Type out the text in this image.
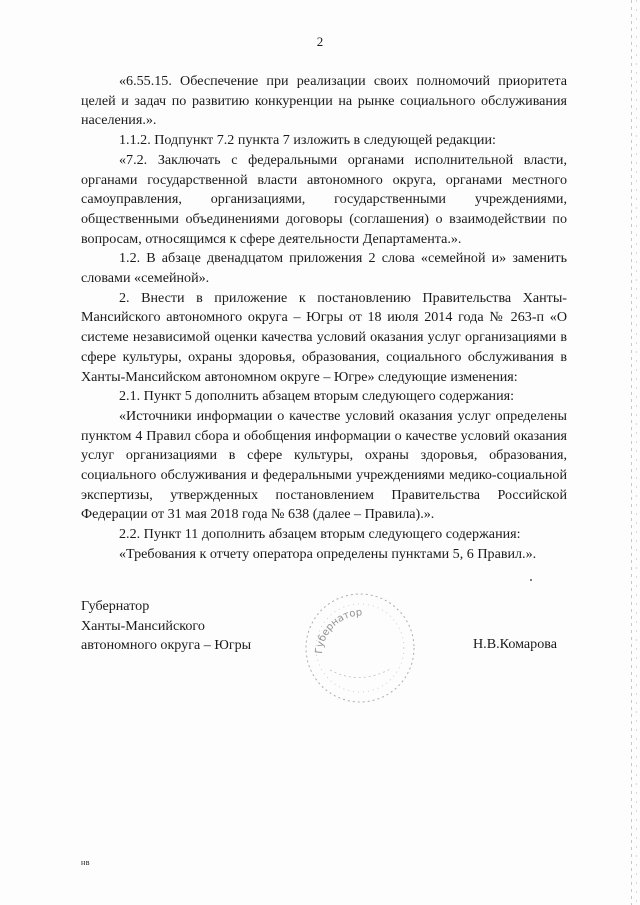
2

«6.55.15. Обеспечение при реализации своих полномочий приоритета целей и задач по развитию конкуренции на рынке социального обслуживания населения.».

1.1.2. Подпункт 7.2 пункта 7 изложить в следующей редакции:

«7.2. Заключать с федеральными органами исполнительной власти, органами государственной власти автономного округа, органами местного самоуправления, организациями, государственными учреждениями, общественными объединениями договоры (соглашения) о взаимодействии по вопросам, относящимся к сфере деятельности Департамента.».

1.2. В абзаце двенадцатом приложения 2 слова «семейной и» заменить словами «семейной».

2. Внести в приложение к постановлению Правительства Ханты-Мансийского автономного округа – Югры от 18 июля 2014 года № 263-п «О системе независимой оценки качества условий оказания услуг организациями в сфере культуры, охраны здоровья, образования, социального обслуживания в Ханты-Мансийском автономном округе – Югре» следующие изменения:

2.1. Пункт 5 дополнить абзацем вторым следующего содержания:

«Источники информации о качестве условий оказания услуг определены пунктом 4 Правил сбора и обобщения информации о качестве условий оказания услуг организациями в сфере культуры, охраны здоровья, образования, социального обслуживания и федеральными учреждениями медико-социальной экспертизы, утвержденных постановлением Правительства Российской Федерации от 31 мая 2018 года № 638 (далее – Правила).».

2.2. Пункт 11 дополнить абзацем вторым следующего содержания:

«Требования к отчету оператора определены пунктами 5, 6 Правил.».

Губернатор
Ханты-Мансийского
автономного округа – Югры	Губернатор
Н.В.Комарова
нв
